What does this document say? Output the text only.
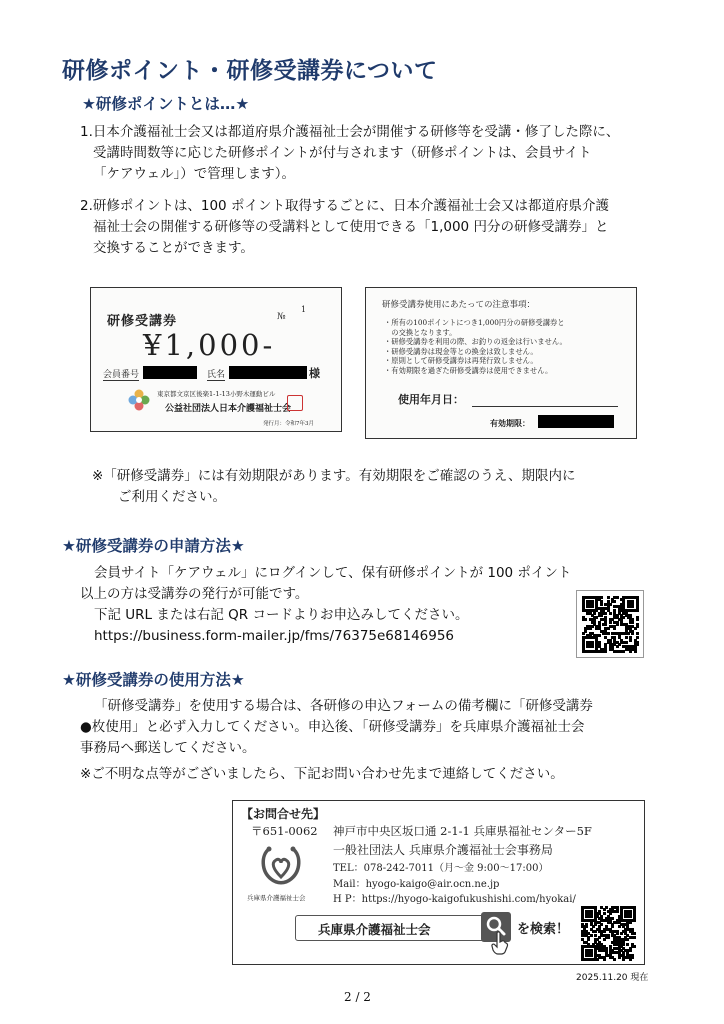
研修ポイント・研修受講券について
★研修ポイントとは…★
1.日本介護福祉士会又は都道府県介護福祉士会が開催する研修等を受講・修了した際に、
受講時間数等に応じた研修ポイントが付与されます（研修ポイントは、会員サイト
「ケアウェル」）で管理します）。
2.研修ポイントは、100 ポイント取得するごとに、日本介護福祉士会又は都道府県介護
福祉士会の開催する研修等の受講料として使用できる「1,000 円分の研修受講券」と
交換することができます。
研修受講券	№
1
¥1,000-
会員番号	氏名	様
東京都文京区後楽1-1-13小野木運動ビル
公益社団法人日本介護福祉士会
発行月：令和7年3月
研修受講券使用にあたっての注意事項：
・所有の100ポイントにつき1,000円分の研修受講券と
　の交換となります。
・研修受講券を利用の際、お釣りの返金は行いません。
・研修受講券は現金等との換金は致しません。
・原則として研修受講券は再発行致しません。
・有効期限を過ぎた研修受講券は使用できません。
使用年月日：
有効期限：
※「研修受講券」には有効期限があります。有効期限をご確認のうえ、期限内に
ご利用ください。
★研修受講券の申請方法★
会員サイト「ケアウェル」にログインして、保有研修ポイントが 100 ポイント
以上の方は受講券の発行が可能です。
下記 URL または右記 QR コードよりお申込みしてください。
https://business.form-mailer.jp/fms/76375e68146956
★研修受講券の使用方法★
「研修受講券」を使用する場合は、各研修の申込フォームの備考欄に「研修受講券
●枚使用」と必ず入力してください。申込後、「研修受講券」を兵庫県介護福祉士会
事務局へ郵送してください。
※ご不明な点等がございましたら、下記お問い合わせ先まで連絡してください。
【お問合せ先】
〒651-0062 神戸市中央区坂口通 2-1-1 兵庫県福祉センター5F
一般社団法人 兵庫県介護福祉士会事務局
TEL：078-242-7011（月～金 9:00～17:00）
Mail：hyogo-kaigo@air.ocn.ne.jp
H P：https://hyogo-kaigofukushishi.com/hyokai/
兵庫県介護福祉士会
兵庫県介護福祉士会	を検索！
2025.11.20 現在
2 / 2
